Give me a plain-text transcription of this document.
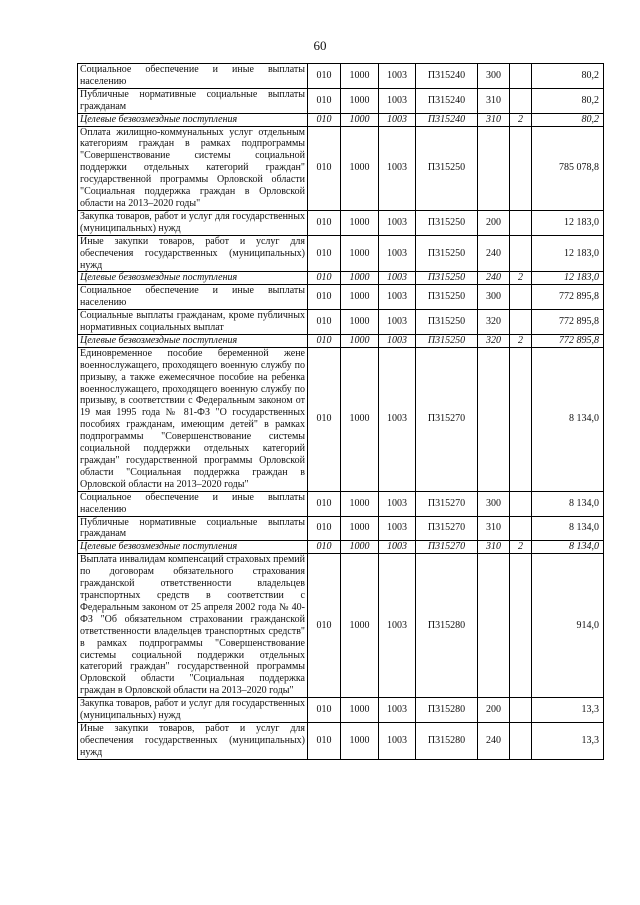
60
Социальное обеспечение и иные выплаты населению	010	1000	1003	П315240	300		80,2
Публичные нормативные социальные выплаты гражданам	010	1000	1003	П315240	310		80,2
Целевые безвозмездные поступления	010	1000	1003	П315240	310	2	80,2
Оплата жилищно-коммунальных услуг отдельным категориям граждан в рамках подпрограммы "Совершенствование системы социальной поддержки отдельных категорий граждан" государственной программы Орловской области "Социальная поддержка граждан в Орловской области на 2013–2020 годы"	010	1000	1003	П315250			785 078,8
Закупка товаров, работ и услуг для государственных (муниципальных) нужд	010	1000	1003	П315250	200		12 183,0
Иные закупки товаров, работ и услуг для обеспечения государственных (муниципальных) нужд	010	1000	1003	П315250	240		12 183,0
Целевые безвозмездные поступления	010	1000	1003	П315250	240	2	12 183,0
Социальное обеспечение и иные выплаты населению	010	1000	1003	П315250	300		772 895,8
Социальные выплаты гражданам, кроме публичных нормативных социальных выплат	010	1000	1003	П315250	320		772 895,8
Целевые безвозмездные поступления	010	1000	1003	П315250	320	2	772 895,8
Единовременное пособие беременной жене военнослужащего, проходящего военную службу по призыву, а также ежемесячное пособие на ребенка военнослужащего, проходящего военную службу по призыву, в соответствии с Федеральным законом от 19 мая 1995 года № 81-ФЗ "О государственных пособиях гражданам, имеющим детей" в рамках подпрограммы "Совершенствование системы социальной поддержки отдельных категорий граждан" государственной программы Орловской области "Социальная поддержка граждан в Орловской области на 2013–2020 годы"	010	1000	1003	П315270			8 134,0
Социальное обеспечение и иные выплаты населению	010	1000	1003	П315270	300		8 134,0
Публичные нормативные социальные выплаты гражданам	010	1000	1003	П315270	310		8 134,0
Целевые безвозмездные поступления	010	1000	1003	П315270	310	2	8 134,0
Выплата инвалидам компенсаций страховых премий по договорам обязательного страхования гражданской ответственности владельцев транспортных средств в соответствии с Федеральным законом от 25 апреля 2002 года № 40-ФЗ "Об обязательном страховании гражданской ответственности владельцев транспортных средств" в рамках подпрограммы "Совершенствование системы социальной поддержки отдельных категорий граждан" государственной программы Орловской области "Социальная поддержка граждан в Орловской области на 2013–2020 годы"	010	1000	1003	П315280			914,0
Закупка товаров, работ и услуг для государственных (муниципальных) нужд	010	1000	1003	П315280	200		13,3
Иные закупки товаров, работ и услуг для обеспечения государственных (муниципальных) нужд	010	1000	1003	П315280	240		13,3
